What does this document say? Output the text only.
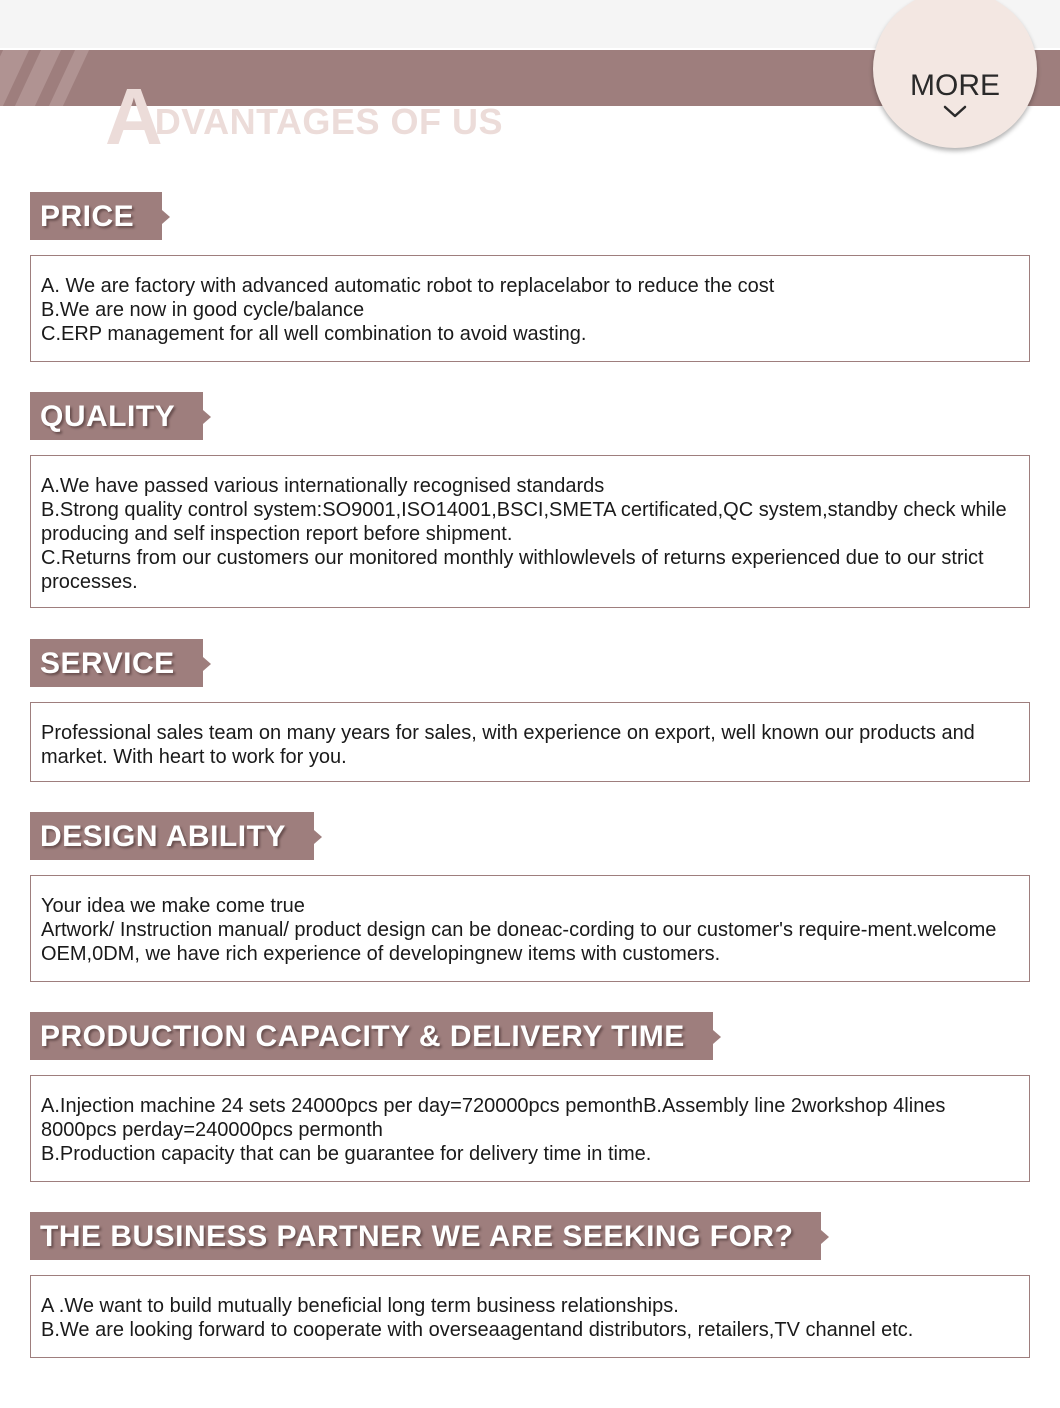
A
DVANTAGES OF US
MORE
PRICE

A. We are factory with advanced automatic robot to replacelabor to reduce the cost

B.We are now in good cycle/balance

C.ERP management for all well combination to avoid wasting.

QUALITY

A.We have passed various internationally recognised standards

B.Strong quality control system:SO9001,ISO14001,BSCI,SMETA certificated,QC system,standby check while producing and self inspection report before shipment.

C.Returns from our customers our monitored monthly withlowlevels of returns experienced due to our strict processes.

SERVICE

Professional sales team on many years for sales, with experience on export, well known our products and market. With heart to work for you.

DESIGN ABILITY

Your idea we make come true

Artwork/ Instruction manual/ product design can be doneac-cording to our customer's require-ment.welcome OEM,0DM, we have rich experience of developingnew items with customers.

PRODUCTION CAPACITY & DELIVERY TIME

A.Injection machine 24 sets 24000pcs per day=720000pcs pemonthB.Assembly line 2workshop 4lines 8000pcs perday=240000pcs permonth

B.Production capacity that can be guarantee for delivery time in time.

THE BUSINESS PARTNER WE ARE SEEKING FOR?

A .We want to build mutually beneficial long term business relationships.

B.We are looking forward to cooperate with overseaagentand distributors, retailers,TV channel etc.
